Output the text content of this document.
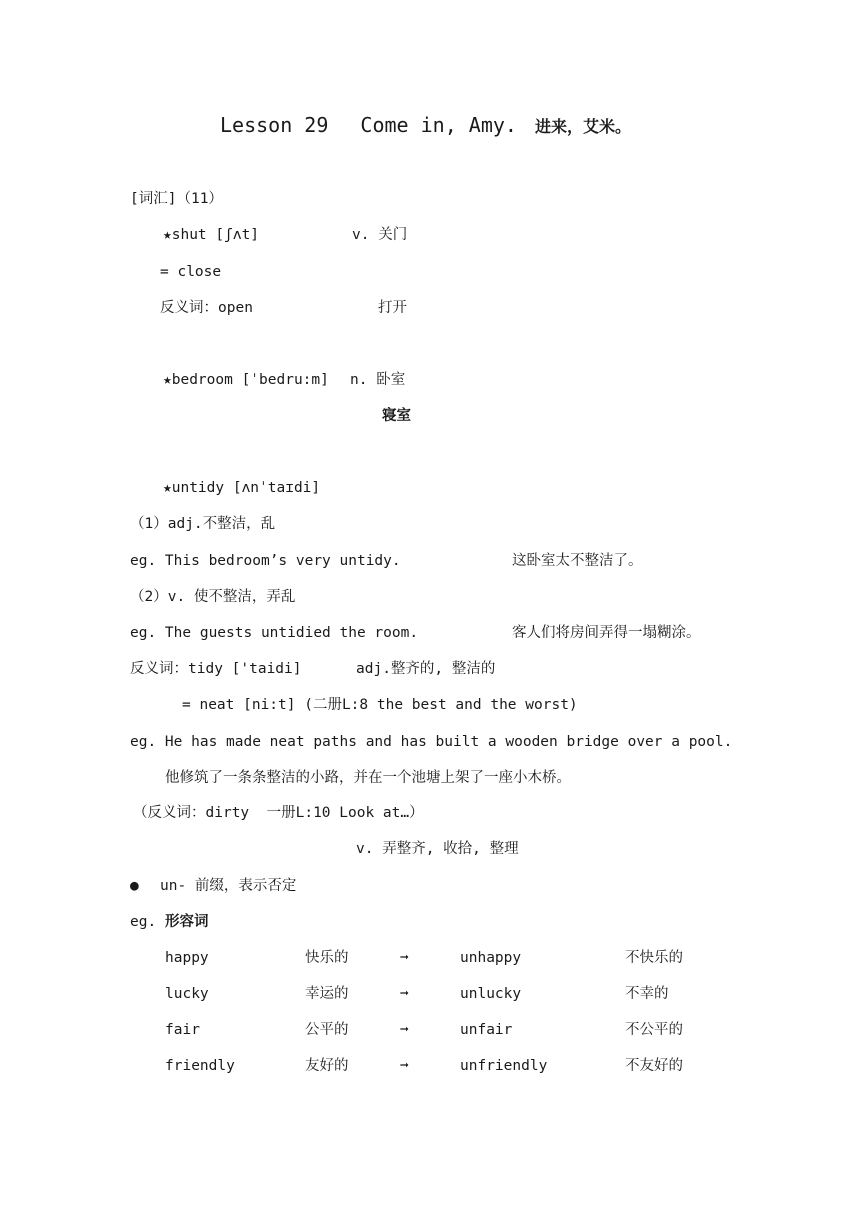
Lesson 29　 Come in, Amy. 进来，艾米。
[词汇]（11）
★shut [ʃʌt]	v. 关门
= close
反义词：open	打开
★bedroom [ˈbedru:m] n. 卧室
寝室
★untidy [ʌnˈtaɪdi]
（1）adj.不整洁，乱
eg. This bedroom’s very untidy.	这卧室太不整洁了。
（2）v. 使不整洁，弄乱
eg. The guests untidied the room.	客人们将房间弄得一塌糊涂。
反义词：tidy ['taidi]	adj.整齐的, 整洁的
= neat [ni:t] (二册L:8 the best and the worst)
eg. He has made neat paths and has built a wooden bridge over a pool.
他修筑了一条条整洁的小路，并在一个池塘上架了一座小木桥。
（反义词：dirty  一册L:10 Look at…）
v. 弄整齐, 收拾, 整理
● un- 前缀，表示否定
eg. 形容词
happy	快乐的	➞	unhappy	不快乐的
lucky	幸运的	➞	unlucky	不幸的
fair	公平的	➞	unfair	不公平的
friendly	友好的	➞	unfriendly	不友好的
